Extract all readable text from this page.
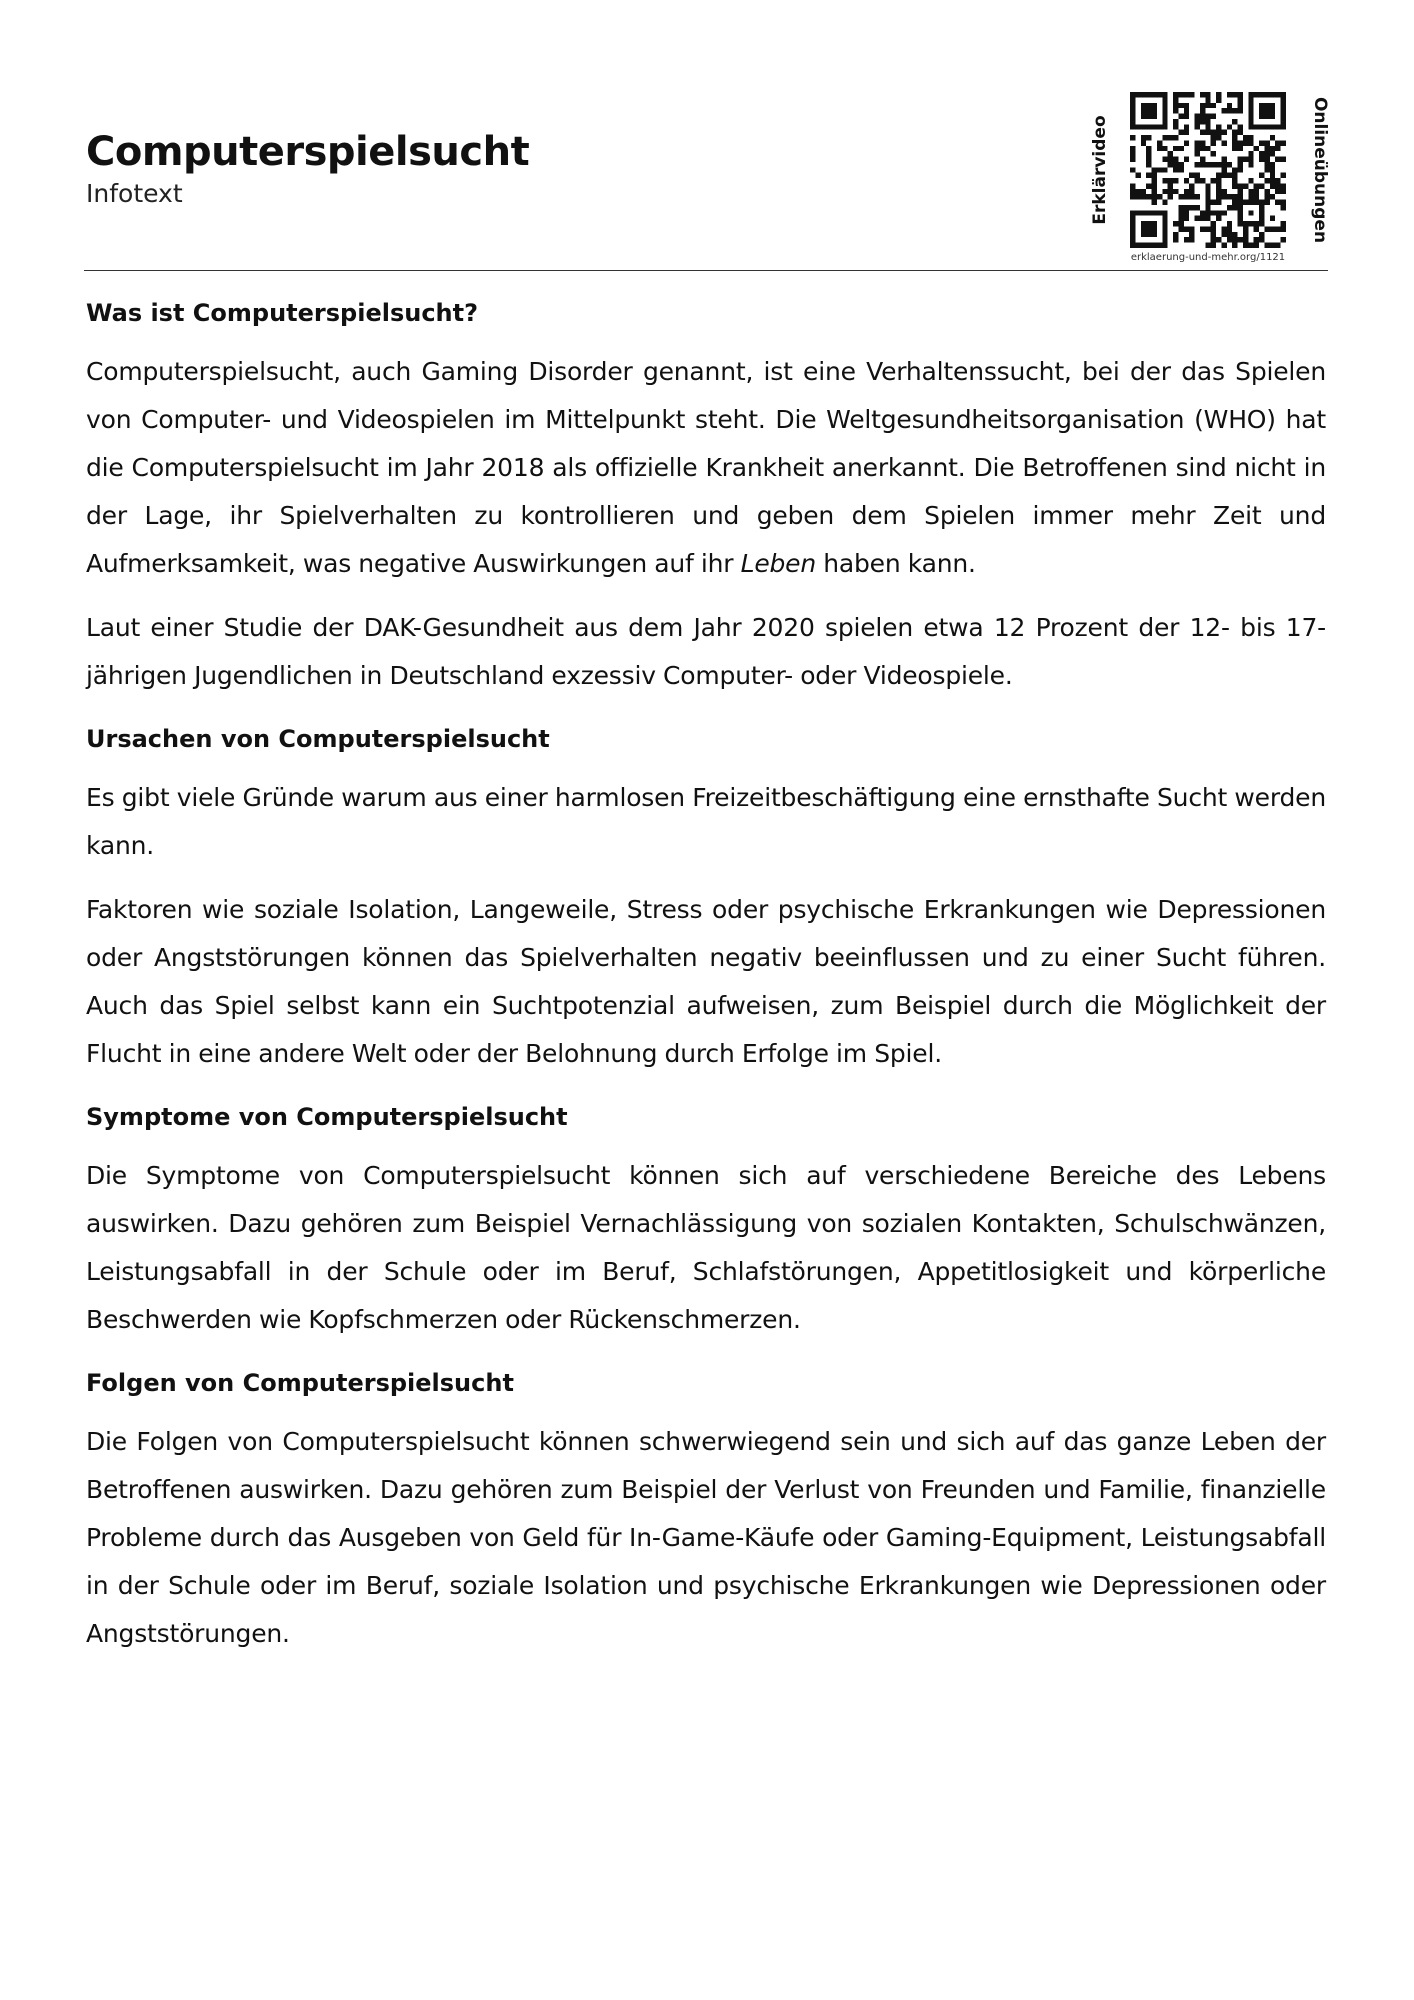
Computerspielsucht
Infotext	Erklärvideo	Onlineübungen
erklaerung-und-mehr.org/1121
Was ist Computerspielsucht?

Computerspielsucht, auch Gaming Disorder genannt, ist eine Verhaltenssucht, bei der das Spielen von Computer- und Videospielen im Mittelpunkt steht. Die Weltgesundheitsorganisation (WHO) hat die Computerspielsucht im Jahr 2018 als offizielle Krankheit anerkannt. Die Betroffenen sind nicht in der Lage, ihr Spielverhalten zu kontrollieren und geben dem Spielen immer mehr Zeit und Aufmerksamkeit, was negative Auswirkungen auf ihr Leben haben kann.

Laut einer Studie der DAK-Gesundheit aus dem Jahr 2020 spielen etwa 12 Prozent der 12- bis 17-jährigen Jugendlichen in Deutschland exzessiv Computer- oder Videospiele.

Ursachen von Computerspielsucht

Es gibt viele Gründe warum aus einer harmlosen Freizeitbeschäftigung eine ernsthafte Sucht werden kann.

Faktoren wie soziale Isolation, Langeweile, Stress oder psychische Erkrankungen wie Depressionen oder Angststörungen können das Spielverhalten negativ beeinflussen und zu einer Sucht führen. Auch das Spiel selbst kann ein Suchtpotenzial aufweisen, zum Beispiel durch die Möglichkeit der Flucht in eine andere Welt oder der Belohnung durch Erfolge im Spiel.

Symptome von Computerspielsucht

Die Symptome von Computerspielsucht können sich auf verschiedene Bereiche des Lebens auswirken. Dazu gehören zum Beispiel Vernachlässigung von sozialen Kontakten, Schulschwänzen, Leistungsabfall in der Schule oder im Beruf, Schlafstörungen, Appetitlosigkeit und körperliche Beschwerden wie Kopfschmerzen oder Rückenschmerzen.

Folgen von Computerspielsucht

Die Folgen von Computerspielsucht können schwerwiegend sein und sich auf das ganze Leben der Betroffenen auswirken. Dazu gehören zum Beispiel der Verlust von Freunden und Familie, finanzielle Probleme durch das Ausgeben von Geld für In-Game-Käufe oder Gaming-Equipment, Leistungsabfall in der Schule oder im Beruf, soziale Isolation und psychische Erkrankungen wie Depressionen oder Angststörungen.
